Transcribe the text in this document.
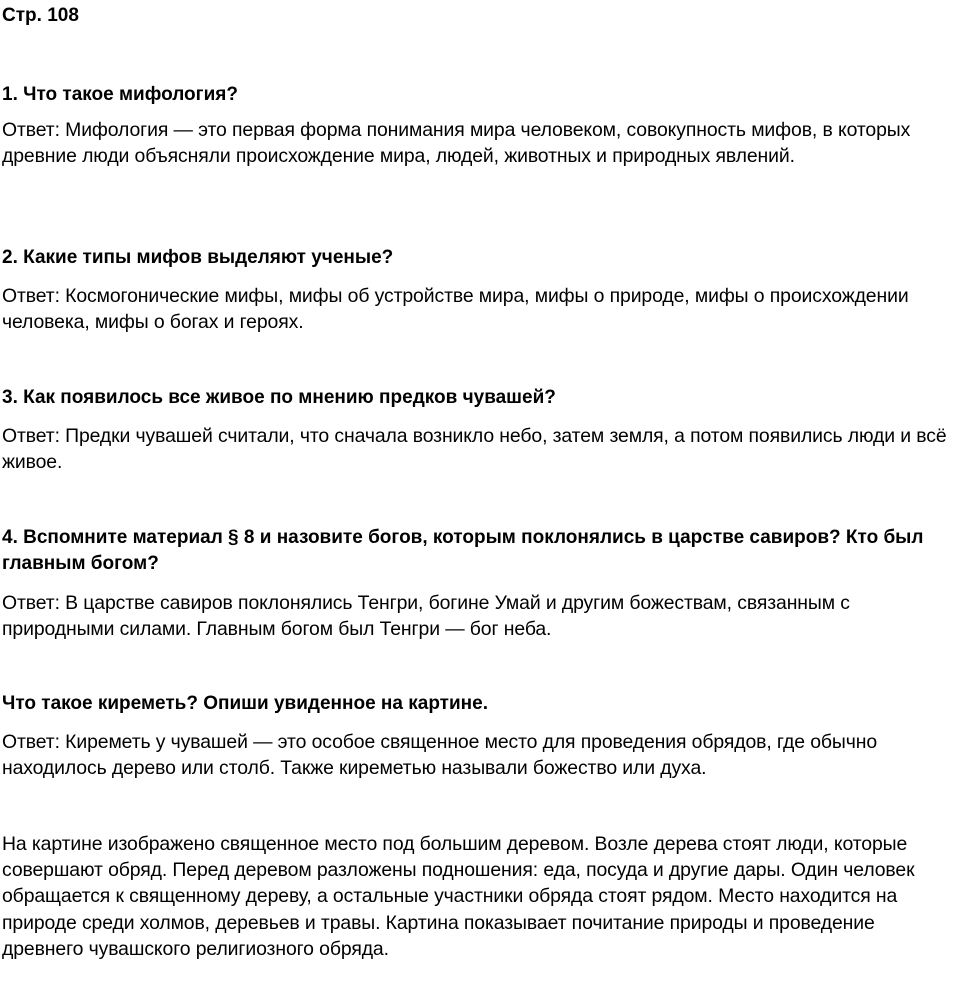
Стр. 108
1. Что такое мифология?

Ответ: Мифология — это первая форма понимания мира человеком, совокупность мифов, в которых древние люди объясняли происхождение мира, людей, животных и природных явлений.

2. Какие типы мифов выделяют ученые?

Ответ: Космогонические мифы, мифы об устройстве мира, мифы о природе, мифы о происхождении человека, мифы о богах и героях.

3. Как появилось все живое по мнению предков чувашей?

Ответ: Предки чувашей считали, что сначала возникло небо, затем земля, а потом появились люди и всё живое.

4. Вспомните материал § 8 и назовите богов, которым поклонялись в царстве савиров? Кто был главным богом?

Ответ: В царстве савиров поклонялись Тенгри, богине Умай и другим божествам, связанным с природными силами. Главным богом был Тенгри — бог неба.

Что такое киреметь? Опиши увиденное на картине.

Ответ: Киреметь у чувашей — это особое священное место для проведения обрядов, где обычно находилось дерево или столб. Также кирeметью называли божество или духа.

На картине изображено священное место под большим деревом. Возле дерева стоят люди, которые совершают обряд. Перед деревом разложены подношения: еда, посуда и другие дары. Один человек обращается к священному дереву, а остальные участники обряда стоят рядом. Место находится на природе среди холмов, деревьев и травы. Картина показывает почитание природы и проведение древнего чувашского религиозного обряда.
